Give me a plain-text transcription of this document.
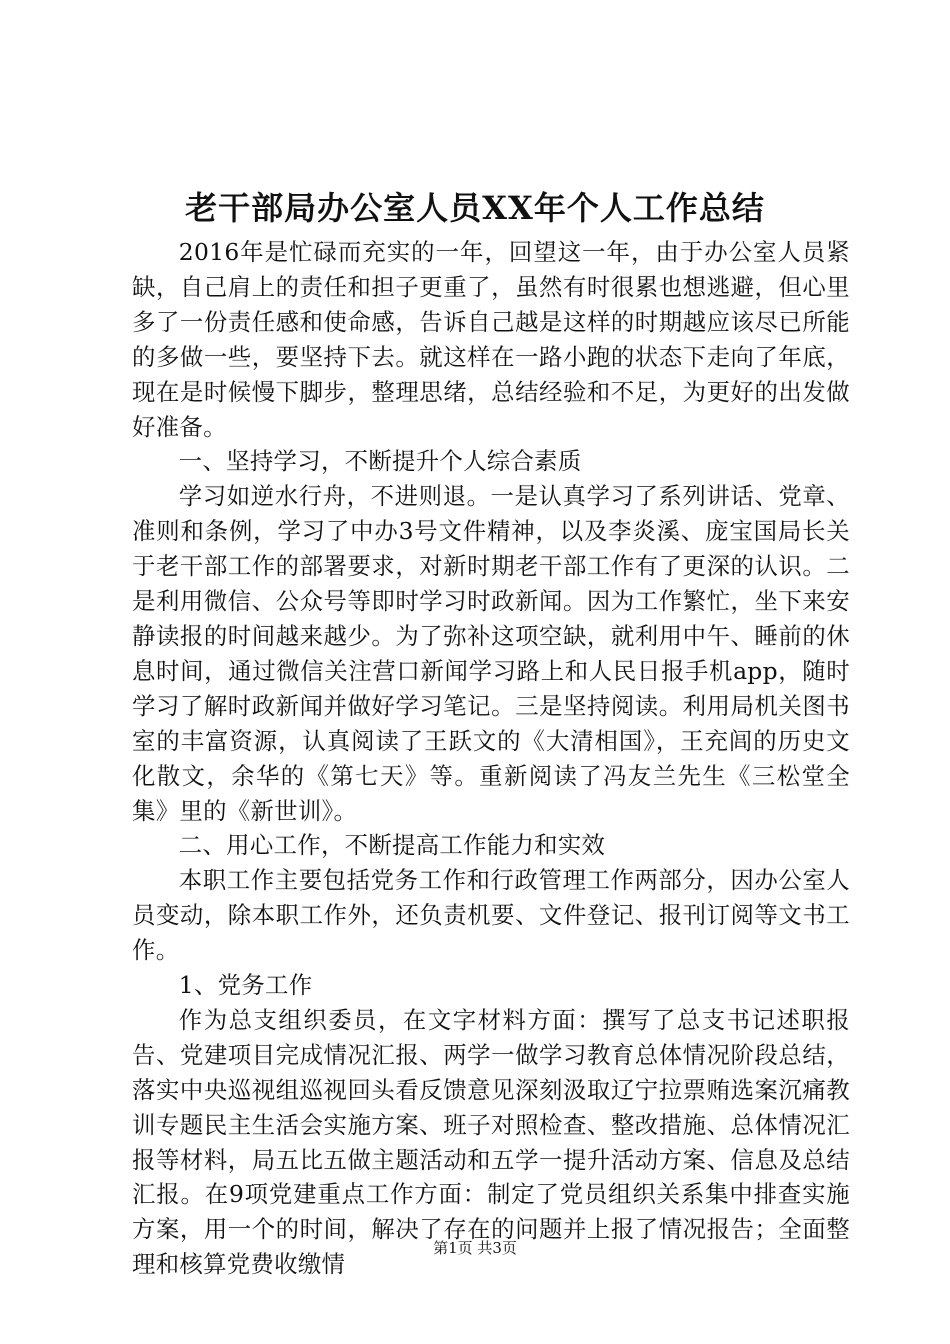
老干部局办公室人员XX年个人工作总结

2016年是忙碌而充实的一年，回望这一年，由于办公室人员紧缺，自己肩上的责任和担子更重了，虽然有时很累也想逃避，但心里多了一份责任感和使命感，告诉自己越是这样的时期越应该尽已所能的多做一些，要坚持下去。就这样在一路小跑的状态下走向了年底，现在是时候慢下脚步，整理思绪，总结经验和不足，为更好的出发做好准备。

一、坚持学习，不断提升个人综合素质

学习如逆水行舟，不进则退。一是认真学习了系列讲话、党章、准则和条例，学习了中办3号文件精神，以及李炎溪、庞宝国局长关于老干部工作的部署要求，对新时期老干部工作有了更深的认识。二是利用微信、公众号等即时学习时政新闻。因为工作繁忙，坐下来安静读报的时间越来越少。为了弥补这项空缺，就利用中午、睡前的休息时间，通过微信关注营口新闻学习路上和人民日报手机app，随时学习了解时政新闻并做好学习笔记。三是坚持阅读。利用局机关图书室的丰富资源，认真阅读了王跃文的《大清相国》，王充闾的历史文化散文，余华的《第七天》等。重新阅读了冯友兰先生《三松堂全集》里的《新世训》。

二、用心工作，不断提高工作能力和实效

本职工作主要包括党务工作和行政管理工作两部分，因办公室人员变动，除本职工作外，还负责机要、文件登记、报刊订阅等文书工作。

1、党务工作

作为总支组织委员，在文字材料方面：撰写了总支书记述职报告、党建项目完成情况汇报、两学一做学习教育总体情况阶段总结，落实中央巡视组巡视回头看反馈意见深刻汲取辽宁拉票贿选案沉痛教训专题民主生活会实施方案、班子对照检查、整改措施、总体情况汇报等材料，局五比五做主题活动和五学一提升活动方案、信息及总结汇报。在9项党建重点工作方面：制定了党员组织关系集中排查实施方案，用一个的时间，解决了存在的问题并上报了情况报告；全面整理和核算党费收缴情

第1页 共3页
